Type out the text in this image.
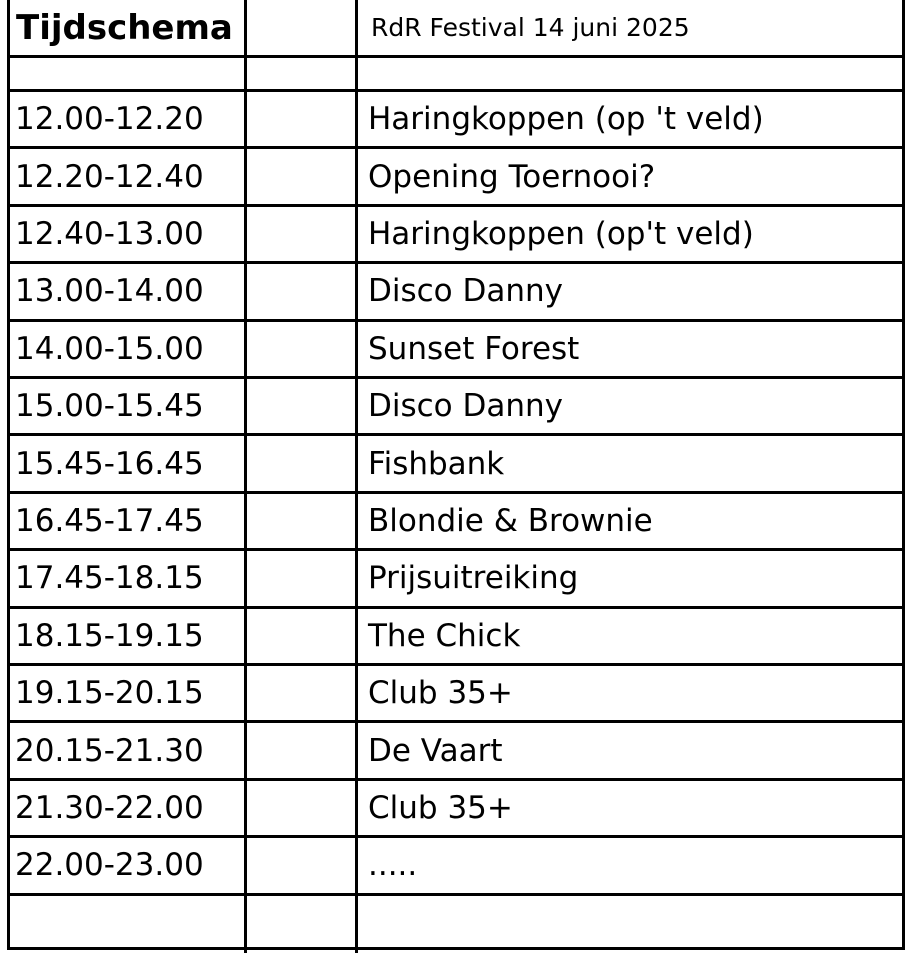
Tijdschema	RdR Festival 14 juni 2025
12.00-12.20	Haringkoppen (op 't veld)
12.20-12.40	Opening Toernooi?
12.40-13.00	Haringkoppen (op't veld)
13.00-14.00	Disco Danny
14.00-15.00	Sunset Forest
15.00-15.45	Disco Danny
15.45-16.45	Fishbank
16.45-17.45	Blondie & Brownie
17.45-18.15	Prijsuitreiking
18.15-19.15	The Chick
19.15-20.15	Club 35+
20.15-21.30	De Vaart
21.30-22.00	Club 35+
22.00-23.00	.....
